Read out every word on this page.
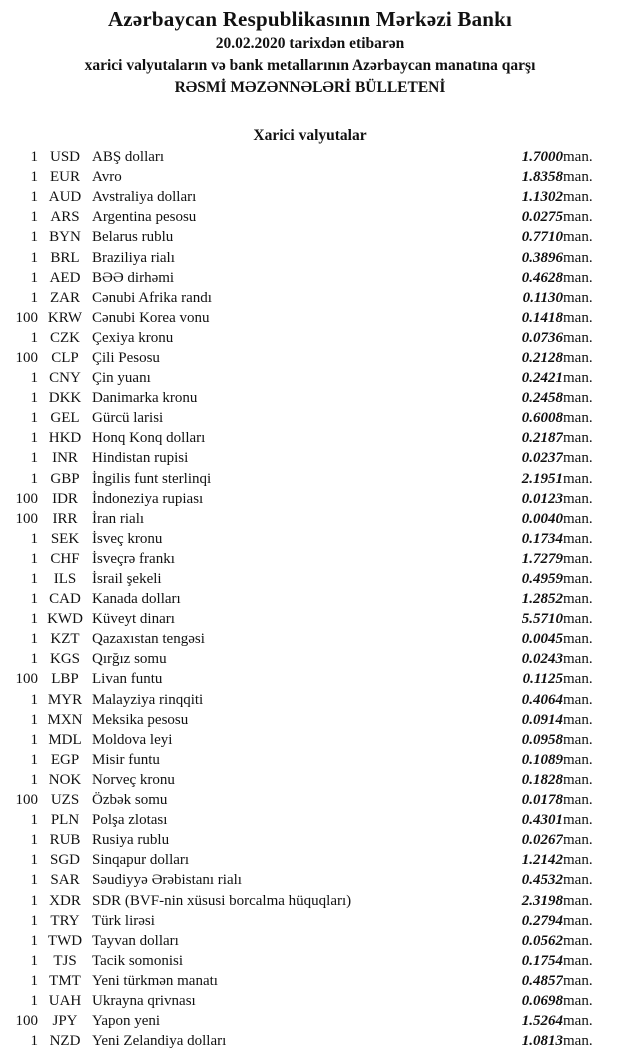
Azərbaycan Respublikasının Mərkəzi Bankı
20.02.2020 tarixdən etibarən
xarici valyutaların və bank metallarının Azərbaycan manatına qarşı
RƏSMİ MƏZƏNNƏLƏRİ BÜLLETENİ
Xarici valyutalar
1	USD	ABŞ dolları	1.7000	man.
1	EUR	Avro	1.8358	man.
1	AUD	Avstraliya dolları	1.1302	man.
1	ARS	Argentina pesosu	0.0275	man.
1	BYN	Belarus rublu	0.7710	man.
1	BRL	Braziliya rialı	0.3896	man.
1	AED	BƏƏ dirhəmi	0.4628	man.
1	ZAR	Cənubi Afrika randı	0.1130	man.
100	KRW	Cənubi Korea vonu	0.1418	man.
1	CZK	Çexiya kronu	0.0736	man.
100	CLP	Çili Pesosu	0.2128	man.
1	CNY	Çin yuanı	0.2421	man.
1	DKK	Danimarka kronu	0.2458	man.
1	GEL	Gürcü larisi	0.6008	man.
1	HKD	Honq Konq dolları	0.2187	man.
1	INR	Hindistan rupisi	0.0237	man.
1	GBP	İngilis funt sterlinqi	2.1951	man.
100	IDR	İndoneziya rupiası	0.0123	man.
100	IRR	İran rialı	0.0040	man.
1	SEK	İsveç kronu	0.1734	man.
1	CHF	İsveçrə frankı	1.7279	man.
1	ILS	İsrail şekeli	0.4959	man.
1	CAD	Kanada dolları	1.2852	man.
1	KWD	Küveyt dinarı	5.5710	man.
1	KZT	Qazaxıstan tengəsi	0.0045	man.
1	KGS	Qırğız somu	0.0243	man.
100	LBP	Livan funtu	0.1125	man.
1	MYR	Malayziya rinqqiti	0.4064	man.
1	MXN	Meksika pesosu	0.0914	man.
1	MDL	Moldova leyi	0.0958	man.
1	EGP	Misir funtu	0.1089	man.
1	NOK	Norveç kronu	0.1828	man.
100	UZS	Özbək somu	0.0178	man.
1	PLN	Polşa zlotası	0.4301	man.
1	RUB	Rusiya rublu	0.0267	man.
1	SGD	Sinqapur dolları	1.2142	man.
1	SAR	Səudiyyə Ərəbistanı rialı	0.4532	man.
1	XDR	SDR (BVF-nin xüsusi borcalma hüquqları)	2.3198	man.
1	TRY	Türk lirəsi	0.2794	man.
1	TWD	Tayvan dolları	0.0562	man.
1	TJS	Tacik somonisi	0.1754	man.
1	TMT	Yeni türkmən manatı	0.4857	man.
1	UAH	Ukrayna qrivnası	0.0698	man.
100	JPY	Yapon yeni	1.5264	man.
1	NZD	Yeni Zelandiya dolları	1.0813	man.
